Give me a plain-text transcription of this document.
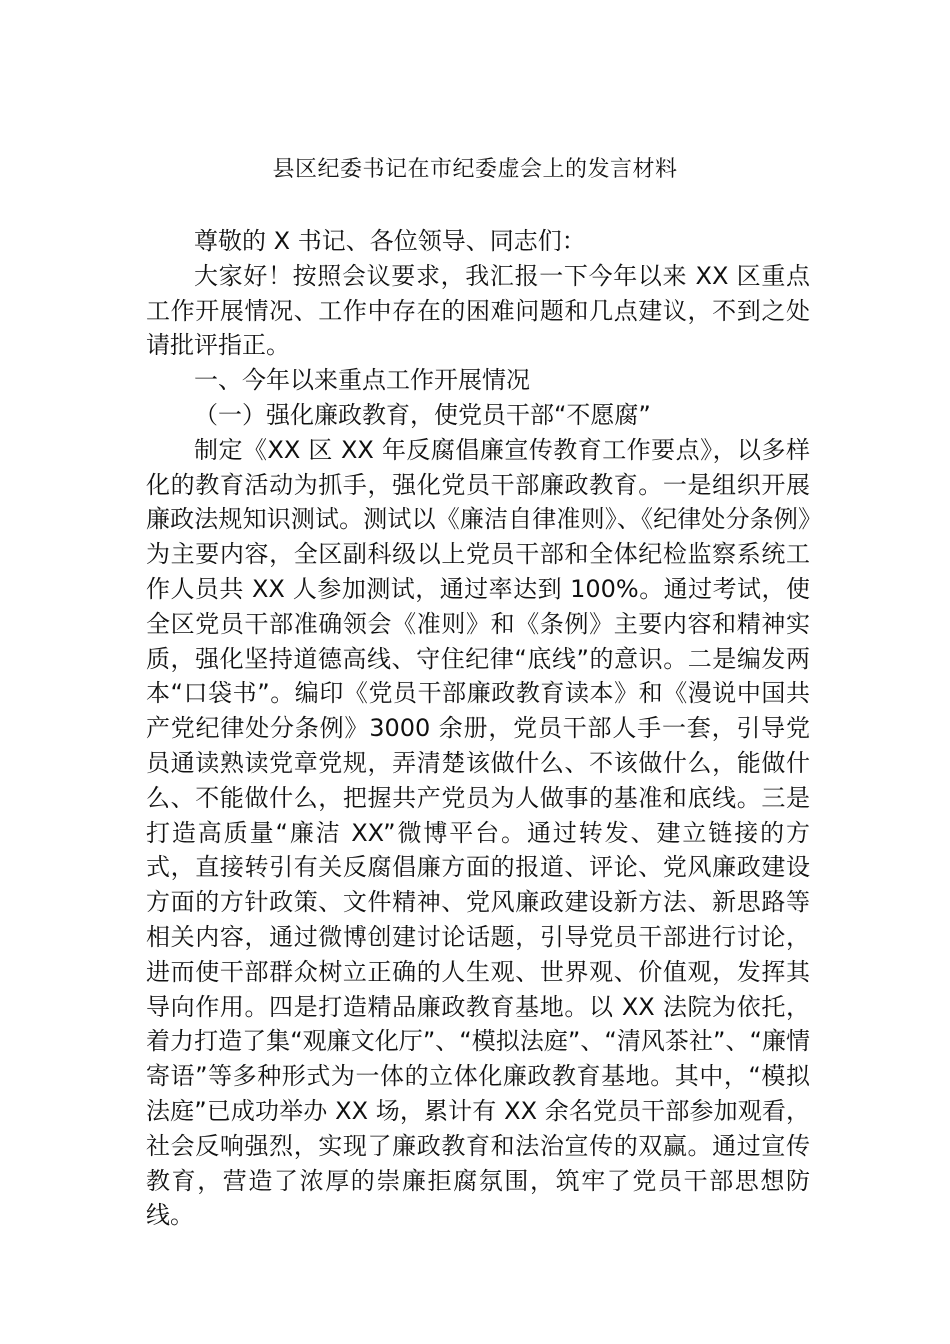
县区纪委书记在市纪委虚会上的发言材料

尊敬的 X 书记、各位领导、同志们：

大家好！按照会议要求，我汇报一下今年以来 XX 区重点工作开展情况、工作中存在的困难问题和几点建议，不到之处请批评指正。

一、今年以来重点工作开展情况

（一）强化廉政教育，使党员干部“不愿腐”

制定《XX 区 XX 年反腐倡廉宣传教育工作要点》，以多样化的教育活动为抓手，强化党员干部廉政教育。一是组织开展廉政法规知识测试。测试以《廉洁自律准则》、《纪律处分条例》为主要内容，全区副科级以上党员干部和全体纪检监察系统工作人员共 XX 人参加测试，通过率达到 100%。通过考试，使全区党员干部准确领会《准则》和《条例》主要内容和精神实质，强化坚持道德高线、守住纪律“底线”的意识。二是编发两本“口袋书”。编印《党员干部廉政教育读本》和《漫说中国共产党纪律处分条例》3000 余册，党员干部人手一套，引导党员通读熟读党章党规，弄清楚该做什么、不该做什么，能做什么、不能做什么，把握共产党员为人做事的基准和底线。三是打造高质量“廉洁 XX”微博平台。通过转发、建立链接的方式，直接转引有关反腐倡廉方面的报道、评论、党风廉政建设方面的方针政策、文件精神、党风廉政建设新方法、新思路等相关内容，通过微博创建讨论话题，引导党员干部进行讨论，进而使干部群众树立正确的人生观、世界观、价值观，发挥其导向作用。四是打造精品廉政教育基地。以 XX 法院为依托，着力打造了集“观廉文化厅”、“模拟法庭”、“清风茶社”、“廉情寄语”等多种形式为一体的立体化廉政教育基地。其中，“模拟法庭”已成功举办 XX 场，累计有 XX 余名党员干部参加观看，社会反响强烈，实现了廉政教育和法治宣传的双赢。通过宣传教育，营造了浓厚的崇廉拒腐氛围，筑牢了党员干部思想防线。
